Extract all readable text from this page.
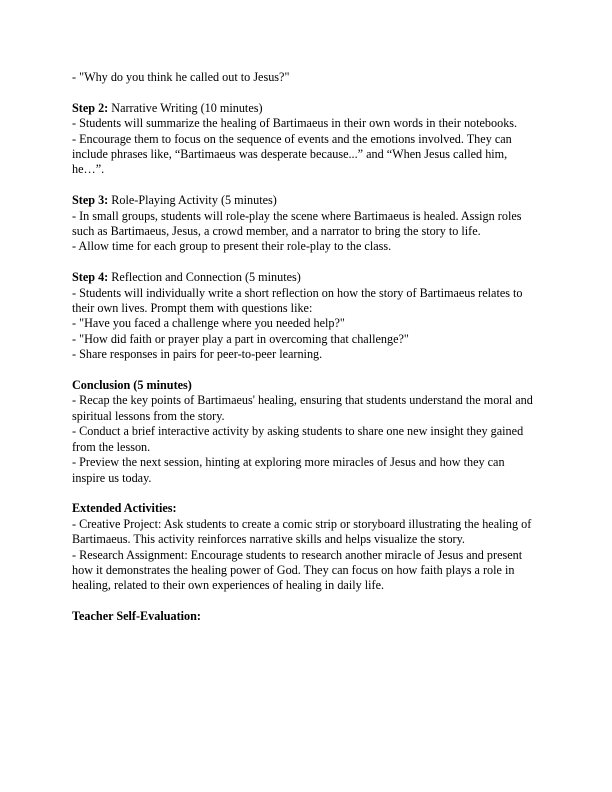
- "Why do you think he called out to Jesus?"

Step 2: Narrative Writing (10 minutes)

- Students will summarize the healing of Bartimaeus in their own words in their notebooks.

- Encourage them to focus on the sequence of events and the emotions involved. They can include phrases like, “Bartimaeus was desperate because...” and “When Jesus called him, he…”.

Step 3: Role-Playing Activity (5 minutes)

- In small groups, students will role-play the scene where Bartimaeus is healed. Assign roles such as Bartimaeus, Jesus, a crowd member, and a narrator to bring the story to life.

- Allow time for each group to present their role-play to the class.

Step 4: Reflection and Connection (5 minutes)

- Students will individually write a short reflection on how the story of Bartimaeus relates to their own lives. Prompt them with questions like:

- "Have you faced a challenge where you needed help?"

- "How did faith or prayer play a part in overcoming that challenge?"

- Share responses in pairs for peer-to-peer learning.

Conclusion (5 minutes)

- Recap the key points of Bartimaeus' healing, ensuring that students understand the moral and spiritual lessons from the story.

- Conduct a brief interactive activity by asking students to share one new insight they gained from the lesson.

- Preview the next session, hinting at exploring more miracles of Jesus and how they can inspire us today.

Extended Activities:

- Creative Project: Ask students to create a comic strip or storyboard illustrating the healing of Bartimaeus. This activity reinforces narrative skills and helps visualize the story.

- Research Assignment: Encourage students to research another miracle of Jesus and present how it demonstrates the healing power of God. They can focus on how faith plays a role in healing, related to their own experiences of healing in daily life.

Teacher Self-Evaluation:
